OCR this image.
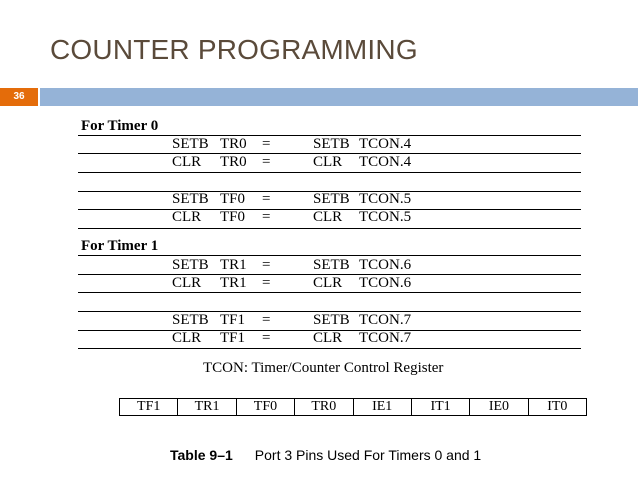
COUNTER PROGRAMMING
36
For Timer 0
SETB TR0 =	SETB TCON.4
CLR TR0 =	CLR TCON.4
SETB TF0 =	SETB TCON.5
CLR TF0 =	CLR TCON.5
For Timer 1
SETB TR1 =	SETB TCON.6
CLR TR1 =	CLR TCON.6
SETB TF1 =	SETB TCON.7
CLR TF1 =	CLR TCON.7
TCON: Timer/Counter Control Register
TF1	TR1	TF0	TR0	IE1	IT1	IE0	IT0
Table 9–1 Port 3 Pins Used For Timers 0 and 1
